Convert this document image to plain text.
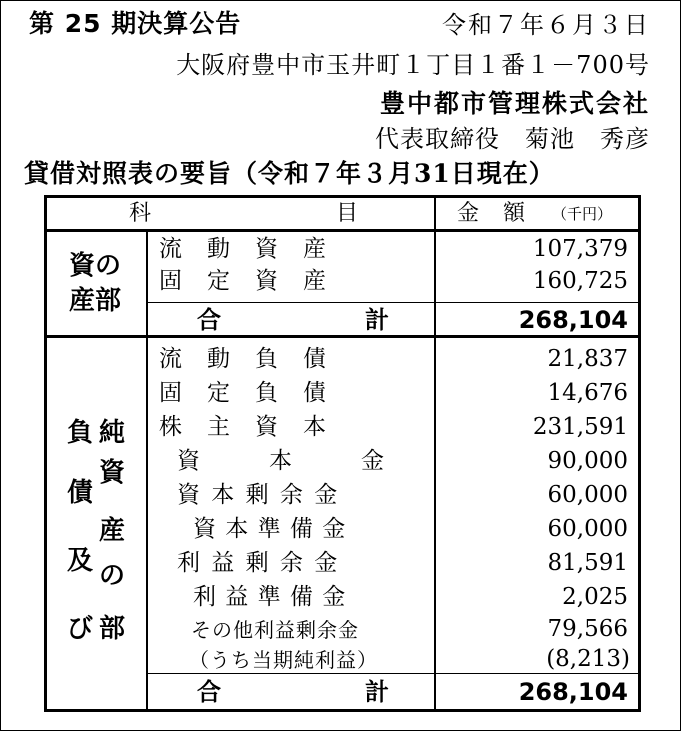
第 25 期決算公告	令和７年６月３日
大阪府豊中市玉井町１丁目１番１－700号
豊中都市管理株式会社
代表取締役　菊池　秀彦
貸借対照表の要旨（令和７年３月31日現在）
科　　　　　　　　目	金　額 （千円）
資の
産部
流　動　資　産	107,379
固　定　資　産	160,725
合　　　　　　計	268,104
負
債
及
び
純
資
産
の
部
流　動　負　債	21,837
固　定　負　債	14,676
株　主　資　本	231,591
資　　　本　　　金	90,000
資 本 剰 余 金	60,000
資 本 準 備 金	60,000
利 益 剰 余 金	81,591
利 益 準 備 金	2,025
その他利益剰余金	79,566
（うち当期純利益）	(8,213)
合　　　　　　計	268,104
